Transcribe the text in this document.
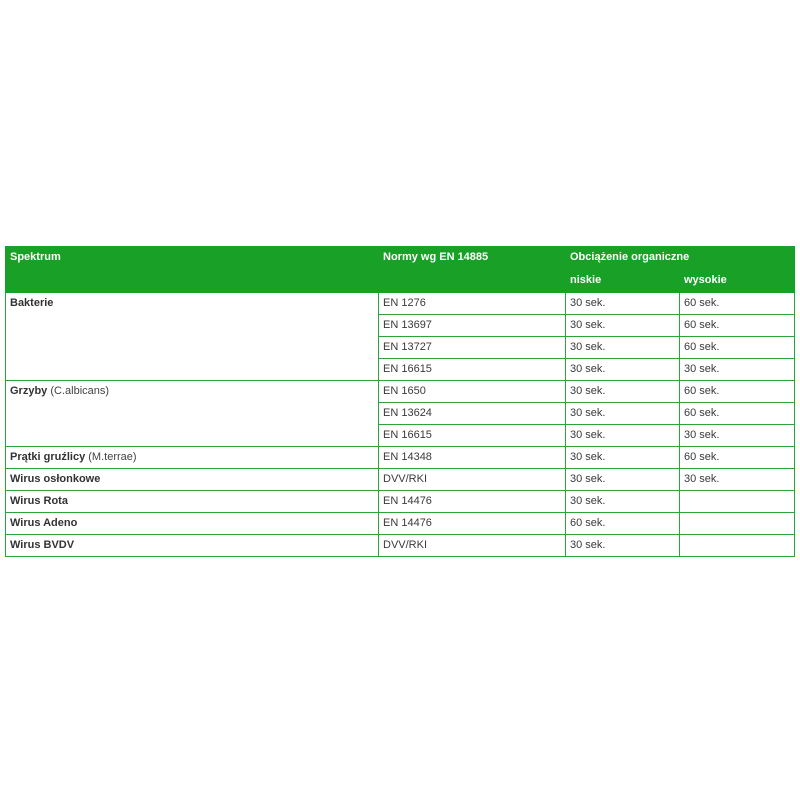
Spektrum	Normy wg EN 14885	Obciążenie organiczne	
		niskie	wysokie
Bakterie	EN 1276	30 sek.	60 sek.
	EN 13697	30 sek.	60 sek.
	EN 13727	30 sek.	60 sek.
	EN 16615	30 sek.	30 sek.
Grzyby (C.albicans)	EN 1650	30 sek.	60 sek.
	EN 13624	30 sek.	60 sek.
	EN 16615	30 sek.	30 sek.
Prątki gruźlicy (M.terrae)	EN 14348	30 sek.	60 sek.
Wirus osłonkowe	DVV/RKI	30 sek.	30 sek.
Wirus Rota	EN 14476	30 sek.	
Wirus Adeno	EN 14476	60 sek.	
Wirus BVDV	DVV/RKI	30 sek.	
